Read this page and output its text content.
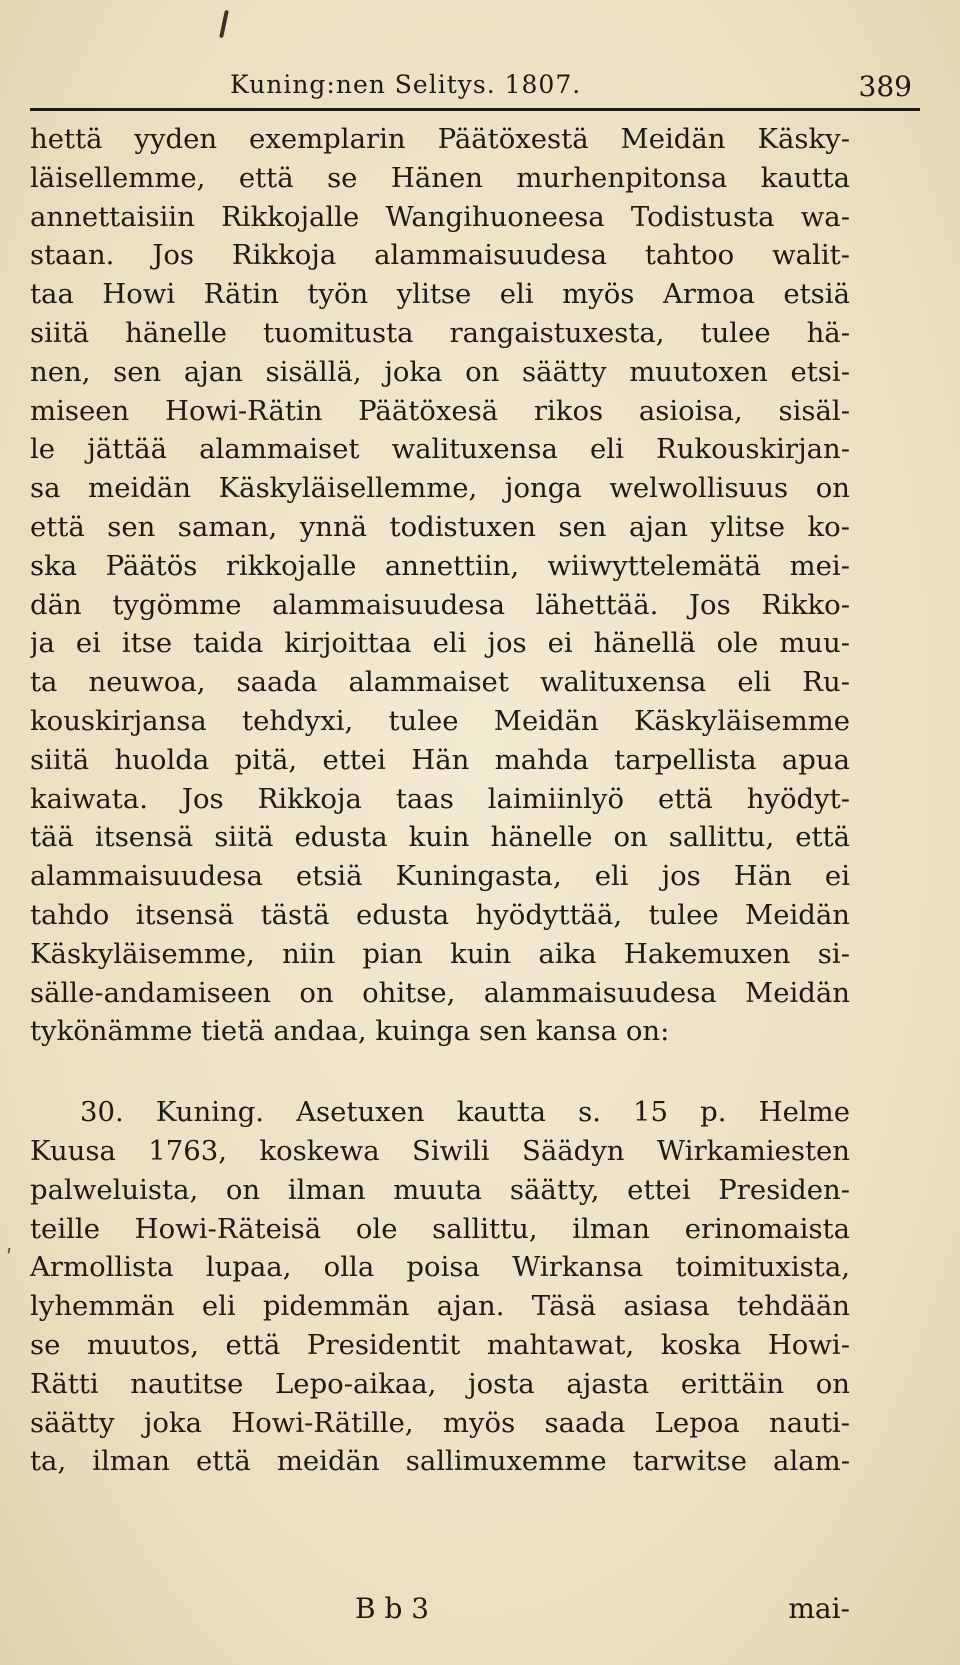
ʹ
Kuning:nen Selitys. 1807.	389
hettä yyden exemplarin Päätöxestä Meidän Käsky-
läisellemme, että se Hänen murhenpitonsa kautta
annettaisiin Rikkojalle Wangihuoneesa Todistusta wa-
staan. Jos Rikkoja alammaisuudesa tahtoo walit-
taa Howi Rätin työn ylitse eli myös Armoa etsiä
siitä hänelle tuomitusta rangaistuxesta, tulee hä-
nen, sen ajan sisällä, joka on säätty muutoxen etsi-
miseen Howi-Rätin Päätöxesä rikos asioisa, sisäl-
le jättää alammaiset walituxensa eli Rukouskirjan-
sa meidän Käskyläisellemme, jonga welwollisuus on
että sen saman, ynnä todistuxen sen ajan ylitse ko-
ska Päätös rikkojalle annettiin, wiiwyttelemätä mei-
dän tygömme alammaisuudesa lähettää. Jos Rikko-
ja ei itse taida kirjoittaa eli jos ei hänellä ole muu-
ta neuwoa, saada alammaiset walituxensa eli Ru-
kouskirjansa tehdyxi, tulee Meidän Käskyläisemme
siitä huolda pitä, ettei Hän mahda tarpellista apua
kaiwata. Jos Rikkoja taas laimiinlyö että hyödyt-
tää itsensä siitä edusta kuin hänelle on sallittu, että
alammaisuudesa etsiä Kuningasta, eli jos Hän ei
tahdo itsensä tästä edusta hyödyttää, tulee Meidän
Käskyläisemme, niin pian kuin aika Hakemuxen si-
sälle-andamiseen on ohitse, alammaisuudesa Meidän
tykönämme tietä andaa, kuinga sen kansa on:
30. Kuning. Asetuxen kautta s. 15 p. Helme
Kuusa 1763, koskewa Siwili Säädyn Wirkamiesten
palweluista, on ilman muuta säätty, ettei Presiden-
teille Howi-Räteisä ole sallittu, ilman erinomaista
Armollista lupaa, olla poisa Wirkansa toimituxista,
lyhemmän eli pidemmän ajan. Täsä asiasa tehdään
se muutos, että Presidentit mahtawat, koska Howi-
Rätti nautitse Lepo-aikaa, josta ajasta erittäin on
säätty joka Howi-Rätille, myös saada Lepoa nauti-
ta, ilman että meidän sallimuxemme tarwitse alam-
B b 3	mai-
